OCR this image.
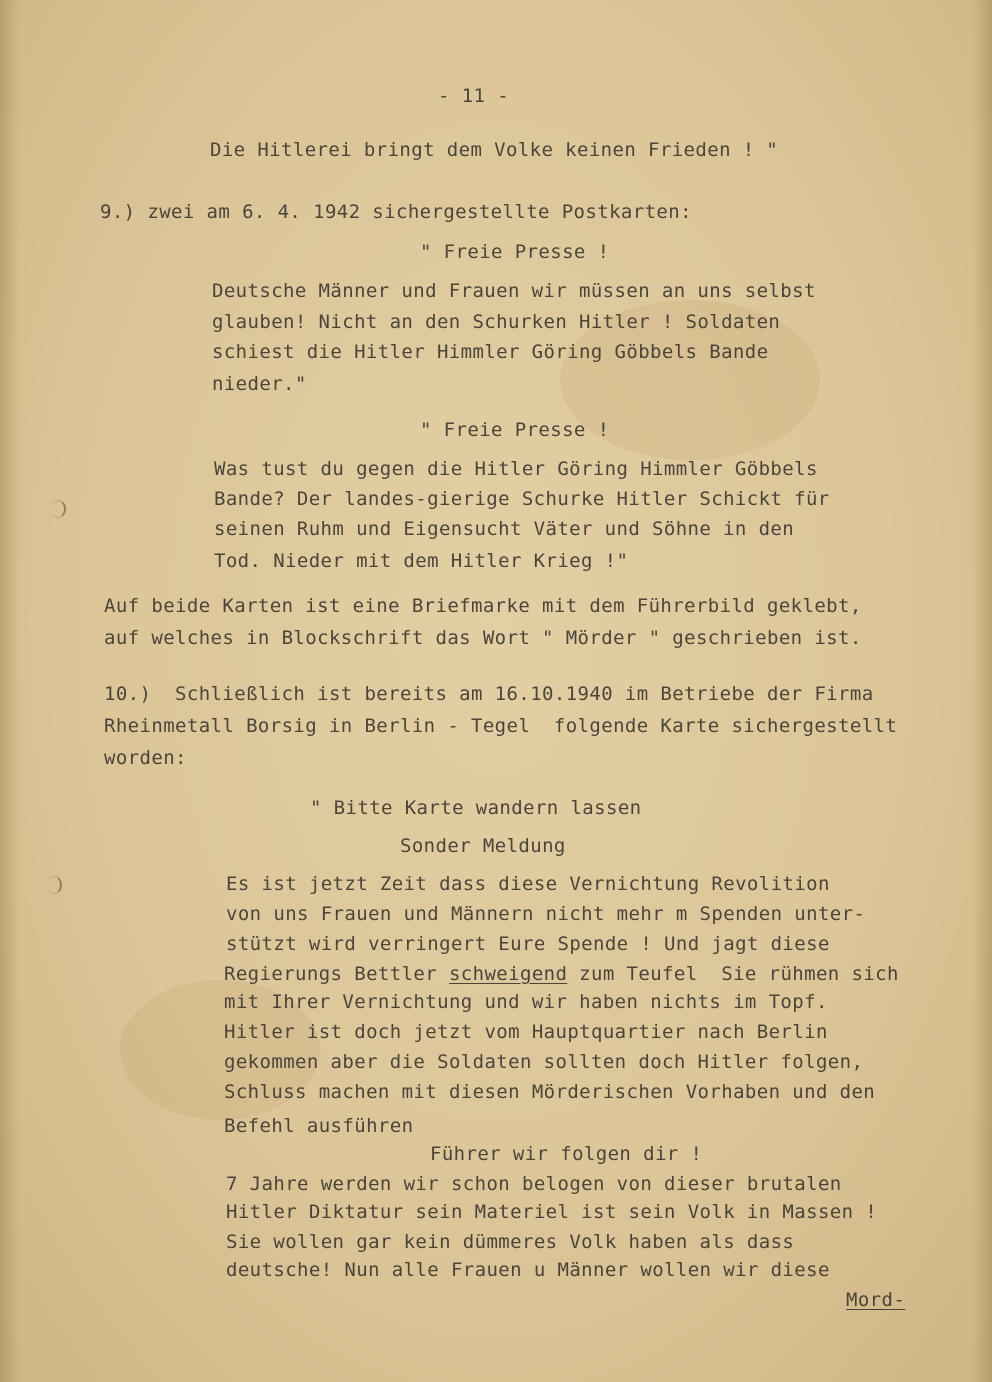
- 11 -
Die Hitlerei bringt dem Volke keinen Frieden ! "
9.) zwei am 6. 4. 1942 sichergestellte Postkarten:
" Freie Presse !
Deutsche Männer und Frauen wir müssen an uns selbst
glauben! Nicht an den Schurken Hitler ! Soldaten
schiest die Hitler Himmler Göring Göbbels Bande
nieder."
" Freie Presse !
Was tust du gegen die Hitler Göring Himmler Göbbels
Bande? Der landes-gierige Schurke Hitler Schickt für
seinen Ruhm und Eigensucht Väter und Söhne in den
Tod. Nieder mit dem Hitler Krieg !"
Auf beide Karten ist eine Briefmarke mit dem Führerbild geklebt,
auf welches in Blockschrift das Wort " Mörder " geschrieben ist.
10.)  Schließlich ist bereits am 16.10.1940 im Betriebe der Firma
Rheinmetall Borsig in Berlin - Tegel  folgende Karte sichergestellt
worden:
" Bitte Karte wandern lassen
Sonder Meldung
Es ist jetzt Zeit dass diese Vernichtung Revolition
von uns Frauen und Männern nicht mehr m Spenden unter-
stützt wird verringert Eure Spende ! Und jagt diese
Regierungs Bettler schweigend zum Teufel  Sie rühmen sich
mit Ihrer Vernichtung und wir haben nichts im Topf.
Hitler ist doch jetzt vom Hauptquartier nach Berlin
gekommen aber die Soldaten sollten doch Hitler folgen,
Schluss machen mit diesen Mörderischen Vorhaben und den
Befehl ausführen
Führer wir folgen dir !
7 Jahre werden wir schon belogen von dieser brutalen
Hitler Diktatur sein Materiel ist sein Volk in Massen !
Sie wollen gar kein dümmeres Volk haben als dass
deutsche! Nun alle Frauen u Männer wollen wir diese
Mord-
